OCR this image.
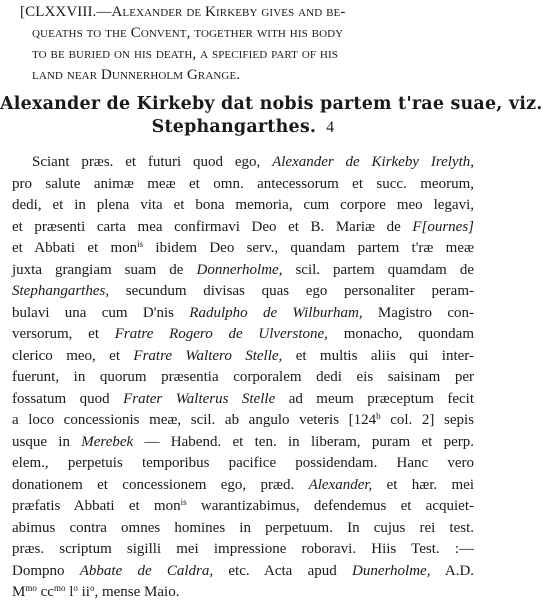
[CLXXVIII.—Alexander de Kirkeby gives and be-
queaths to the Convent, together with his body
to be buried on his death, a specified part of his
land near Dunnerholm Grange.
Alexander de Kirkeby dat nobis partem t'rae suae, viz.
Stephangarthes. 4
Sciant præs. et futuri quod ego, Alexander de Kirkeby Irelyth,
pro salute animæ meæ et omn. antecessorum et succ. meorum,
dedi, et in plena vita et bona memoria, cum corpore meo legavi,
et præsenti carta mea confirmavi Deo et B. Mariæ de F[ournes]
et Abbati et mon$^{is}$ ibidem Deo serv., quandam partem t'ræ meæ
juxta grangiam suam de Donnerholme, scil. partem quamdam de
Stephangarthes, secundum divisas quas ego personaliter peram-
bulavi una cum D'nis Radulpho de Wilburham, Magistro con-
versorum, et Fratre Rogero de Ulverstone, monacho, quondam
clerico meo, et Fratre Waltero Stelle, et multis aliis qui inter-
fuerunt, in quorum præsentia corporalem dedi eis saisinam per
fossatum quod Frater Walterus Stelle ad meum præceptum fecit
a loco concessionis meæ, scil. ab angulo veteris [124$^b$ col. 2] sepis
usque in Merebek — Habend. et ten. in liberam, puram et perp.
elem., perpetuis temporibus pacifice possidendam. Hanc vero
donationem et concessionem ego, præd. Alexander, et hær. mei
præfatis Abbati et mon$^{is}$ warantizabimus, defendemus et acquiet-
abimus contra omnes homines in perpetuum. In cujus rei test.
præs. scriptum sigilli mei impressione roboravi. Hiis Test. :—
Dompno Abbate de Caldra, etc. Acta apud Dunerholme, A.D.
$M^{mo}$ $cc^{mo}$ $l^o$ $ii^o$, mense Maio.
